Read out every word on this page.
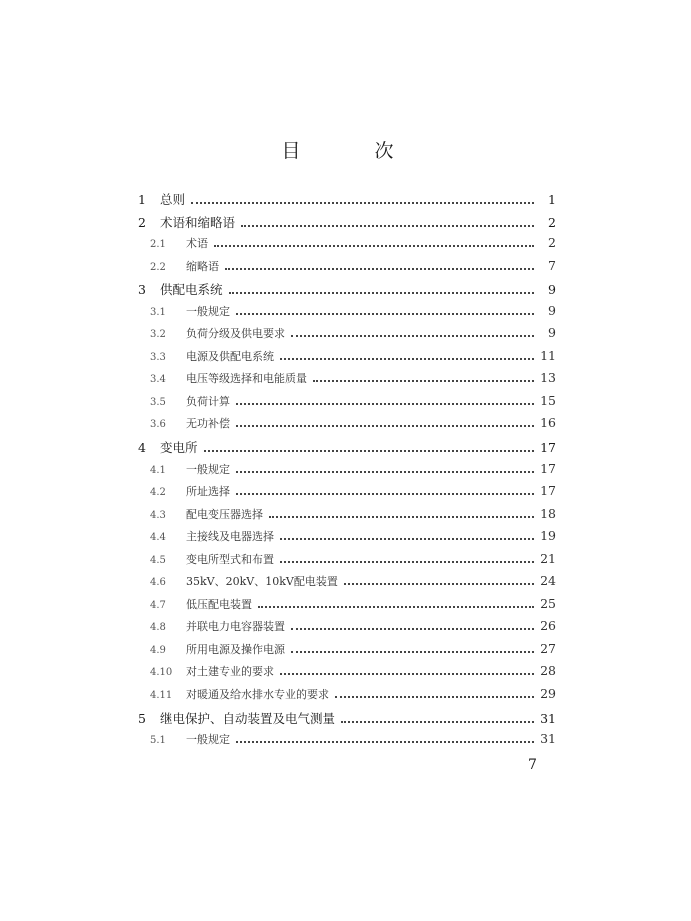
目 次
1	总则	1
2	术语和缩略语	2
2.1	术语	2
2.2	缩略语	7
3	供配电系统	9
3.1	一般规定	9
3.2	负荷分级及供电要求	9
3.3	电源及供配电系统	11
3.4	电压等级选择和电能质量	13
3.5	负荷计算	15
3.6	无功补偿	16
4	变电所	17
4.1	一般规定	17
4.2	所址选择	17
4.3	配电变压器选择	18
4.4	主接线及电器选择	19
4.5	变电所型式和布置	21
4.6	35kV、20kV、10kV配电装置	24
4.7	低压配电装置	25
4.8	并联电力电容器装置	26
4.9	所用电源及操作电源	27
4.10	对土建专业的要求	28
4.11	对暖通及给水排水专业的要求	29
5	继电保护、自动装置及电气测量	31
5.1	一般规定	31
7
